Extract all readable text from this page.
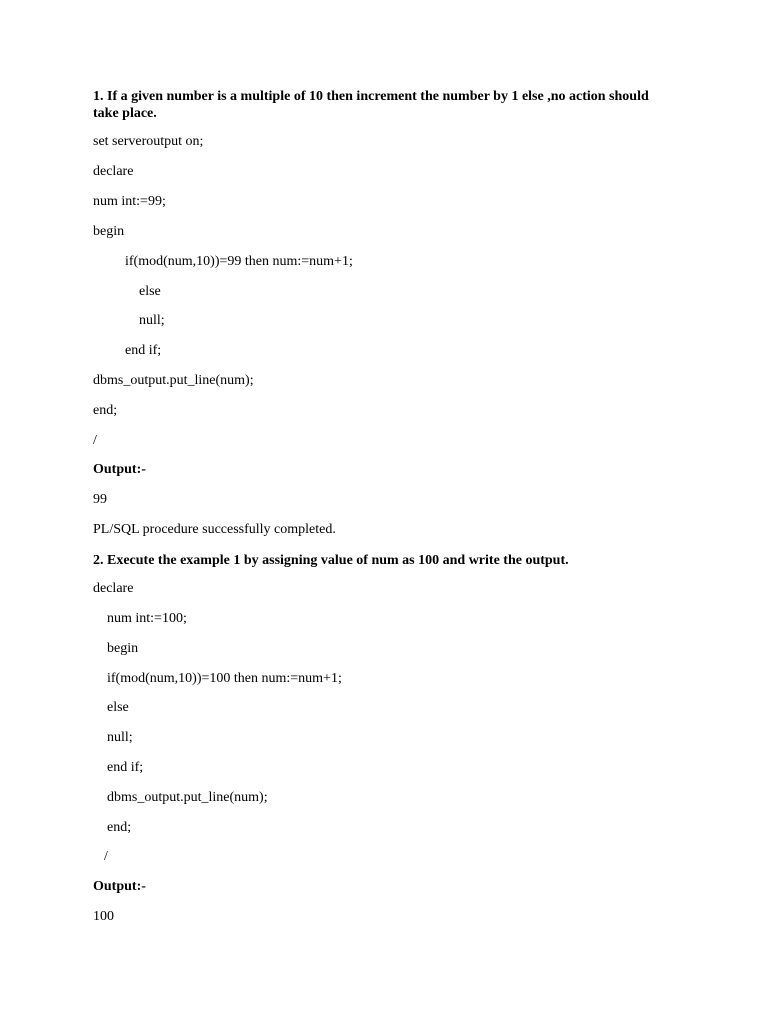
1. If a given number is a multiple of 10 then increment the number by 1 else ,no action should take place.
set serveroutput on;
declare
num int:=99;
begin
if(mod(num,10))=99 then num:=num+1;
else
null;
end if;
dbms_output.put_line(num);
end;
/
Output:-
99
PL/SQL procedure successfully completed.
2. Execute the example 1 by assigning value of num as 100 and write the output.
declare
num int:=100;
begin
if(mod(num,10))=100 then num:=num+1;
else
null;
end if;
dbms_output.put_line(num);
end;
/
Output:-
100
